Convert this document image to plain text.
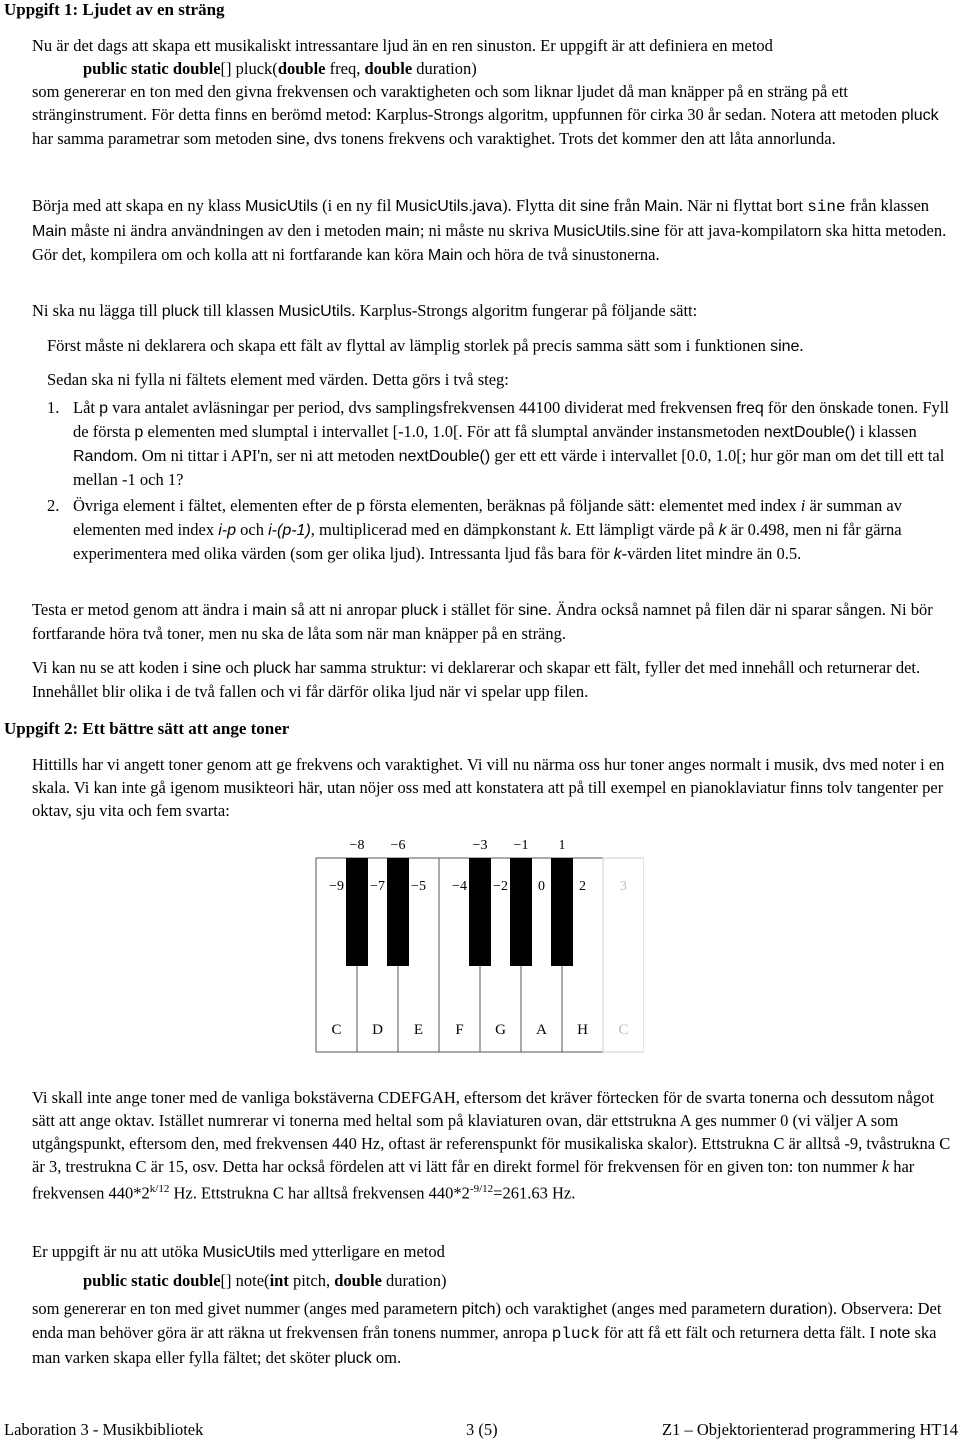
Uppgift 1: Ljudet av en sträng
Nu är det dags att skapa ett musikaliskt intressantare ljud än en ren sinuston. Er uppgift är att definiera en metod
public static double[] pluck(double freq, double duration)
som genererar en ton med den givna frekvensen och varaktigheten och som liknar ljudet då man knäpper på en sträng på ett stränginstrument. För detta finns en berömd metod: Karplus-Strongs algoritm, uppfunnen för cirka 30 år sedan. Notera att metoden pluck har samma parametrar som metoden sine, dvs tonens frekvens och varaktighet. Trots det kommer den att låta annorlunda.
Börja med att skapa en ny klass MusicUtils (i en ny fil MusicUtils.java). Flytta dit sine från Main. När ni flyttat bort sine från klassen Main måste ni ändra användningen av den i metoden main; ni måste nu skriva MusicUtils.sine för att java-kompilatorn ska hitta metoden. Gör det, kompilera om och kolla att ni fortfarande kan köra Main och höra de två sinustonerna.
Ni ska nu lägga till pluck till klassen MusicUtils. Karplus-Strongs algoritm fungerar på följande sätt:
Först måste ni deklarera och skapa ett fält av flyttal av lämplig storlek på precis samma sätt som i funktionen sine.
Sedan ska ni fylla ni fältets element med värden. Detta görs i två steg:
1. Låt p vara antalet avläsningar per period, dvs samplingsfrekvensen 44100 dividerat med frekvensen freq för den önskade tonen. Fyll de första p elementen med slumptal i intervallet [-1.0, 1.0[. För att få slumptal använder instansmetoden nextDouble() i klassen Random. Om ni tittar i API'n, ser ni att metoden nextDouble() ger ett ett värde i intervallet [0.0, 1.0[; hur gör man om det till ett tal mellan -1 och 1?
2. Övriga element i fältet, elementen efter de p första elementen, beräknas på följande sätt: elementet med index i är summan av elementen med index i-p och i-(p-1), multiplicerad med en dämpkonstant k. Ett lämpligt värde på k är 0.498, men ni får gärna experimentera med olika värden (som ger olika ljud). Intressanta ljud fås bara för k-värden litet mindre än 0.5.
Testa er metod genom att ändra i main så att ni anropar pluck i stället för sine. Ändra också namnet på filen där ni sparar sången. Ni bör fortfarande höra två toner, men nu ska de låta som när man knäpper på en sträng.
Vi kan nu se att koden i sine och pluck har samma struktur: vi deklarerar och skapar ett fält, fyller det med innehåll och returnerar det. Innehållet blir olika i de två fallen och vi får därför olika ljud när vi spelar upp filen.
Uppgift 2: Ett bättre sätt att ange toner
Hittills har vi angett toner genom att ge frekvens och varaktighet. Vi vill nu närma oss hur toner anges normalt i musik, dvs med noter i en skala. Vi kan inte gå igenom musikteori här, utan nöjer oss med att konstatera att på till exempel en pianoklaviatur finns tolv tangenter per oktav, sju vita och fem svarta:
−8 −6	−3 −1 1
−9
C
−7
D
−5
E
−4
F
−2
G
0
A
2
H
3
C
Vi skall inte ange toner med de vanliga bokstäverna CDEFGAH, eftersom det kräver förtecken för de svarta tonerna och dessutom något sätt att ange oktav. Istället numrerar vi tonerna med heltal som på klaviaturen ovan, där ettstrukna A ges nummer 0 (vi väljer A som utgångspunkt, eftersom den, med frekvensen 440 Hz, oftast är referenspunkt för musikaliska skalor). Ettstrukna C är alltså -9, tvåstrukna C är 3, trestrukna C är 15, osv. Detta har också fördelen att vi lätt får en direkt formel för frekvensen för en given ton: ton nummer k har frekvensen $440*2^{k/12}$ Hz. Ettstrukna C har alltså frekvensen $440*2^{-9/12}=261.63$ Hz.
Er uppgift är nu att utöka MusicUtils med ytterligare en metod
public static double[] note(int pitch, double duration)
som genererar en ton med givet nummer (anges med parametern pitch) och varaktighet (anges med parametern duration). Observera: Det enda man behöver göra är att räkna ut frekvensen från tonens nummer, anropa pluck för att få ett fält och returnera detta fält. I note ska man varken skapa eller fylla fältet; det sköter pluck om.
Laboration 3 - Musikbibliotek	3 (5)	Z1 – Objektorienterad programmering HT14
